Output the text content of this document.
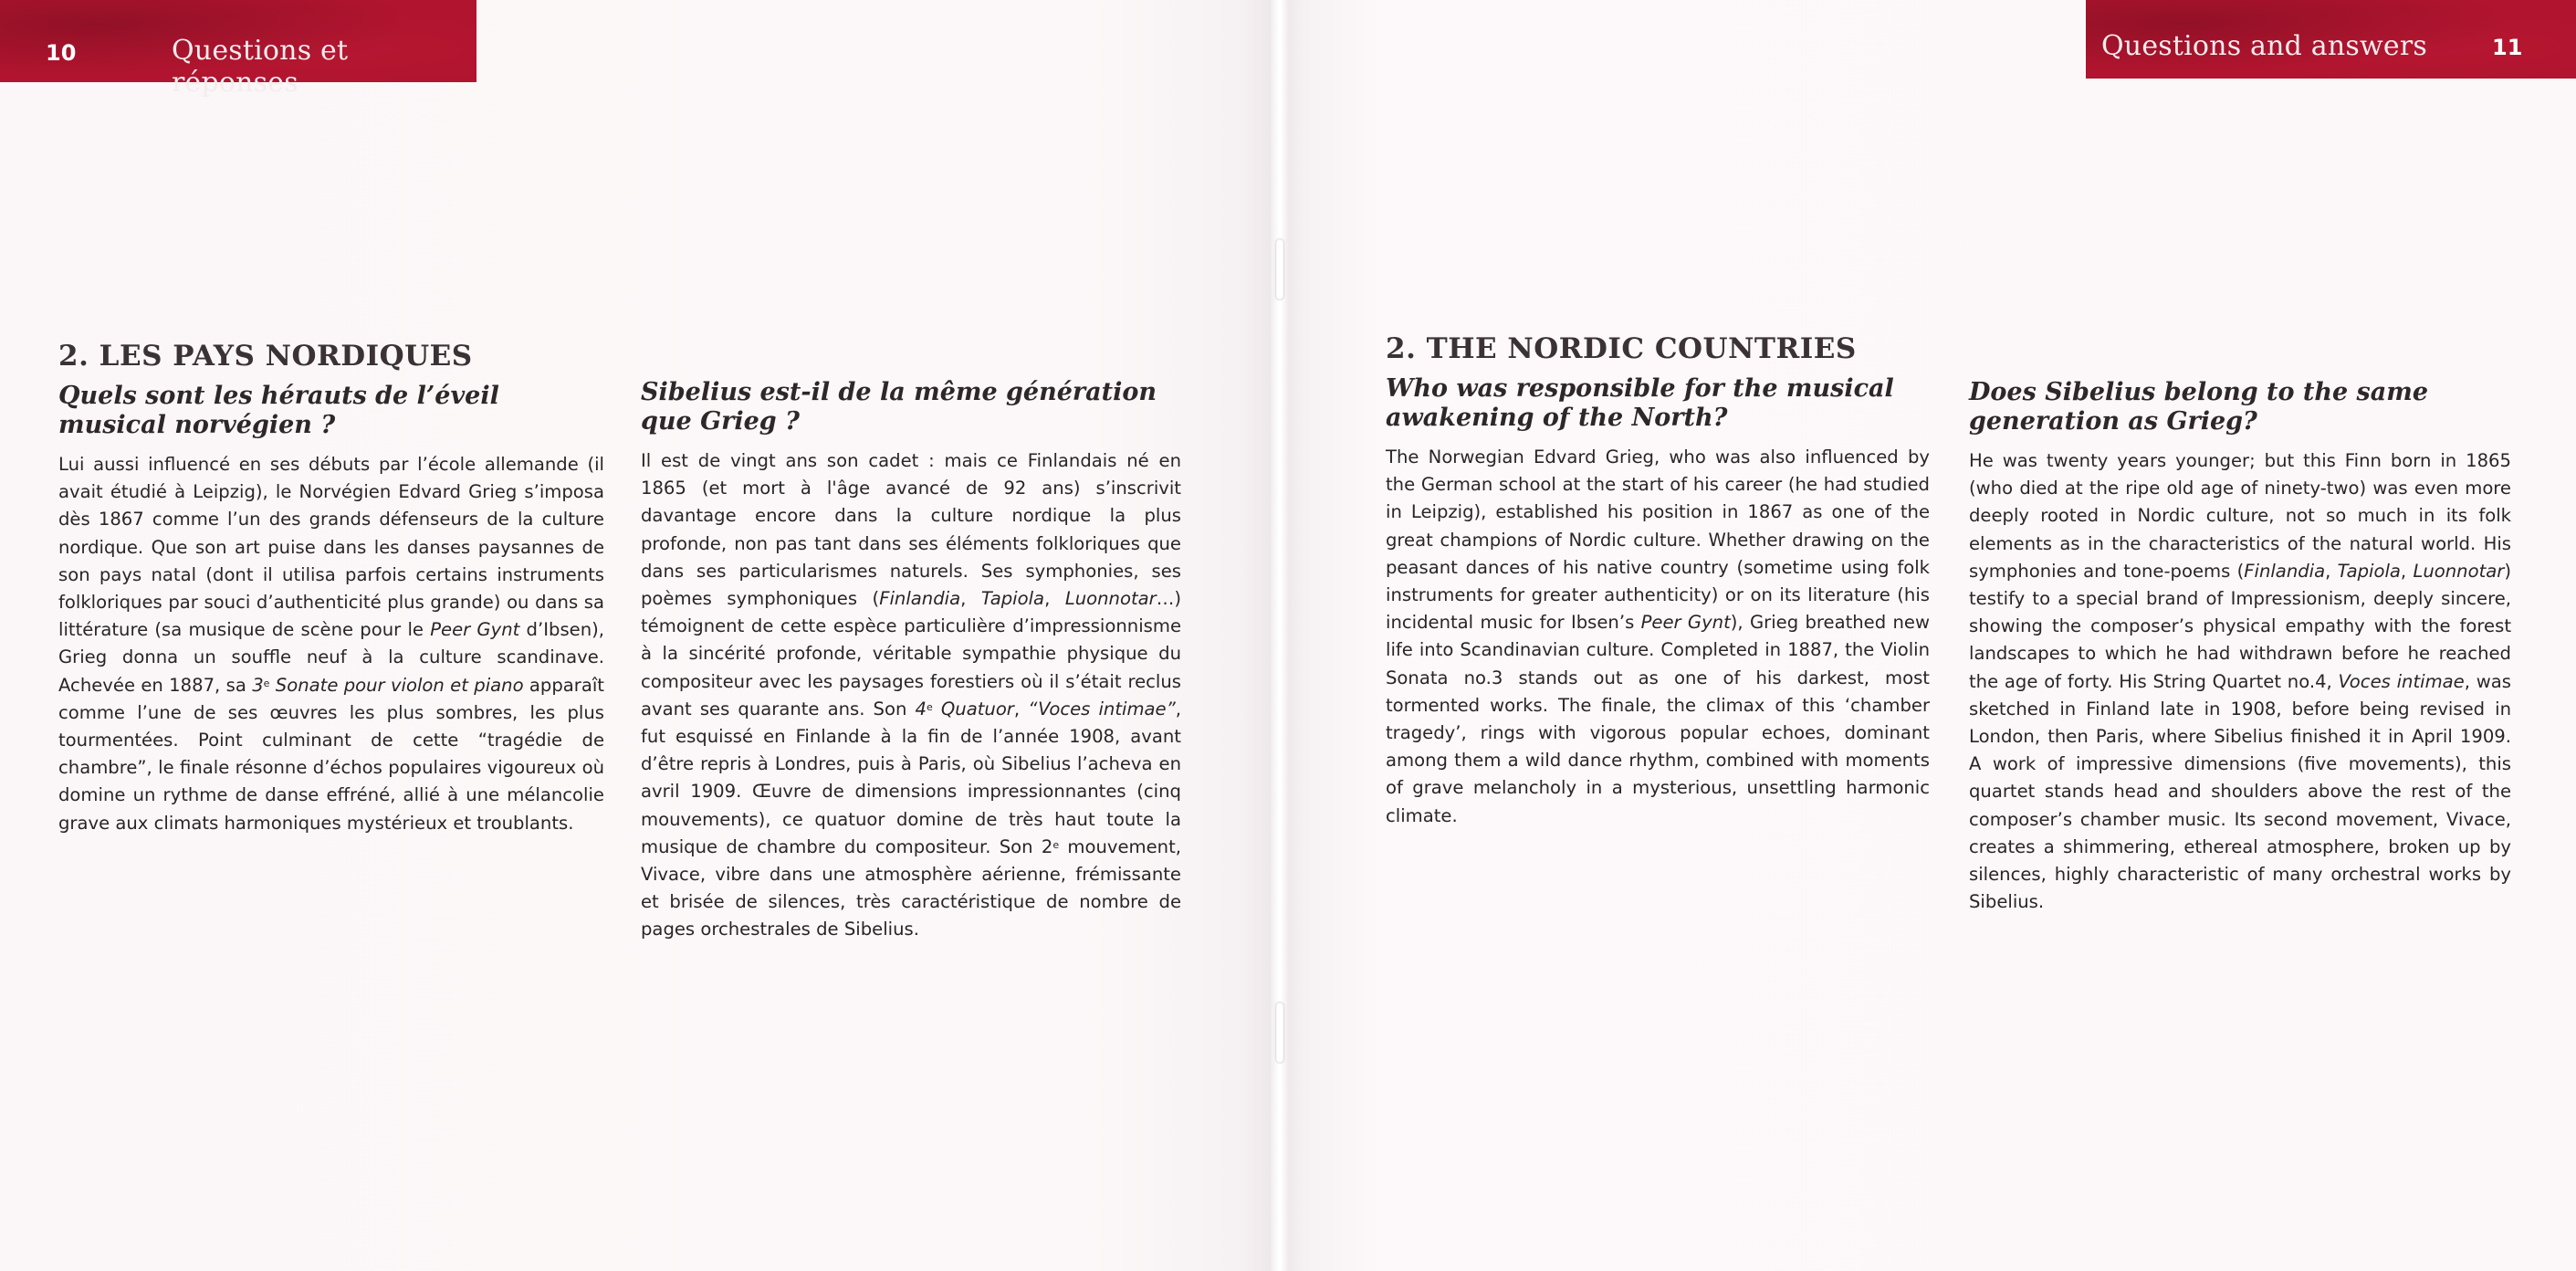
10	Questions et réponses
Questions and answers	11
2. LES PAYS NORDIQUES
Quels sont les hérauts de l’éveil musical norvégien ?

Lui aussi influencé en ses débuts par l’école allemande (il avait étudié à Leipzig), le Norvégien Edvard Grieg s’imposa dès 1867 comme l’un des grands défenseurs de la culture nordique. Que son art puise dans les danses paysannes de son pays natal (dont il utilisa parfois certains instruments folkloriques par souci d’authenticité plus grande) ou dans sa littérature (sa musique de scène pour le Peer Gynt d’Ibsen), Grieg donna un souffle neuf à la culture scandinave. Achevée en 1887, sa 3e Sonate pour violon et piano apparaît comme l’une de ses œuvres les plus sombres, les plus tourmentées. Point culminant de cette “tragédie de chambre”, le finale résonne d’échos populaires vigoureux où domine un rythme de danse effréné, allié à une mélancolie grave aux climats harmoniques mystérieux et troublants.

Sibelius est-il de la même génération que Grieg ?

Il est de vingt ans son cadet : mais ce Finlandais né en 1865 (et mort à l'âge avancé de 92 ans) s’inscrivit davantage encore dans la culture nordique la plus profonde, non pas tant dans ses éléments folkloriques que dans ses particularismes naturels. Ses symphonies, ses poèmes symphoniques (Finlandia, Tapiola, Luonnotar…) témoignent de cette espèce particulière d’impressionnisme à la sincérité profonde, véritable sympathie physique du compositeur avec les paysages forestiers où il s’était reclus avant ses quarante ans. Son 4e Quatuor, “Voces intimae”, fut esquissé en Finlande à la fin de l’année 1908, avant d’être repris à Londres, puis à Paris, où Sibelius l’acheva en avril 1909. Œuvre de dimensions impressionnantes (cinq mouvements), ce quatuor domine de très haut toute la musique de chambre du compositeur. Son 2e mouvement, Vivace, vibre dans une atmosphère aérienne, frémissante et brisée de silences, très caractéristique de nombre de pages orchestrales de Sibelius.

2. THE NORDIC COUNTRIES
Who was responsible for the musical awakening of the North?

The Norwegian Edvard Grieg, who was also influenced by the German school at the start of his career (he had studied in Leipzig), established his position in 1867 as one of the great champions of Nordic culture. Whether drawing on the peasant dances of his native country (sometime using folk instruments for greater authenticity) or on its literature (his incidental music for Ibsen’s Peer Gynt), Grieg breathed new life into Scandinavian culture. Completed in 1887, the Violin Sonata no.3 stands out as one of his darkest, most tormented works. The finale, the climax of this ‘chamber tragedy’, rings with vigorous popular echoes, dominant among them a wild dance rhythm, combined with moments of grave melancholy in a mysterious, unsettling harmonic climate.

Does Sibelius belong to the same generation as Grieg?

He was twenty years younger; but this Finn born in 1865 (who died at the ripe old age of ninety-two) was even more deeply rooted in Nordic culture, not so much in its folk elements as in the characteristics of the natural world. His symphonies and tone-poems (Finlandia, Tapiola, Luonnotar) testify to a special brand of Impressionism, deeply sincere, showing the composer’s physical empathy with the forest landscapes to which he had withdrawn before he reached the age of forty. His String Quartet no.4, Voces intimae, was sketched in Finland late in 1908, before being revised in London, then Paris, where Sibelius finished it in April 1909. A work of impressive dimensions (five movements), this quartet stands head and shoulders above the rest of the composer’s chamber music. Its second movement, Vivace, creates a shimmering, ethereal atmosphere, broken up by silences, highly characteristic of many orchestral works by Sibelius.
